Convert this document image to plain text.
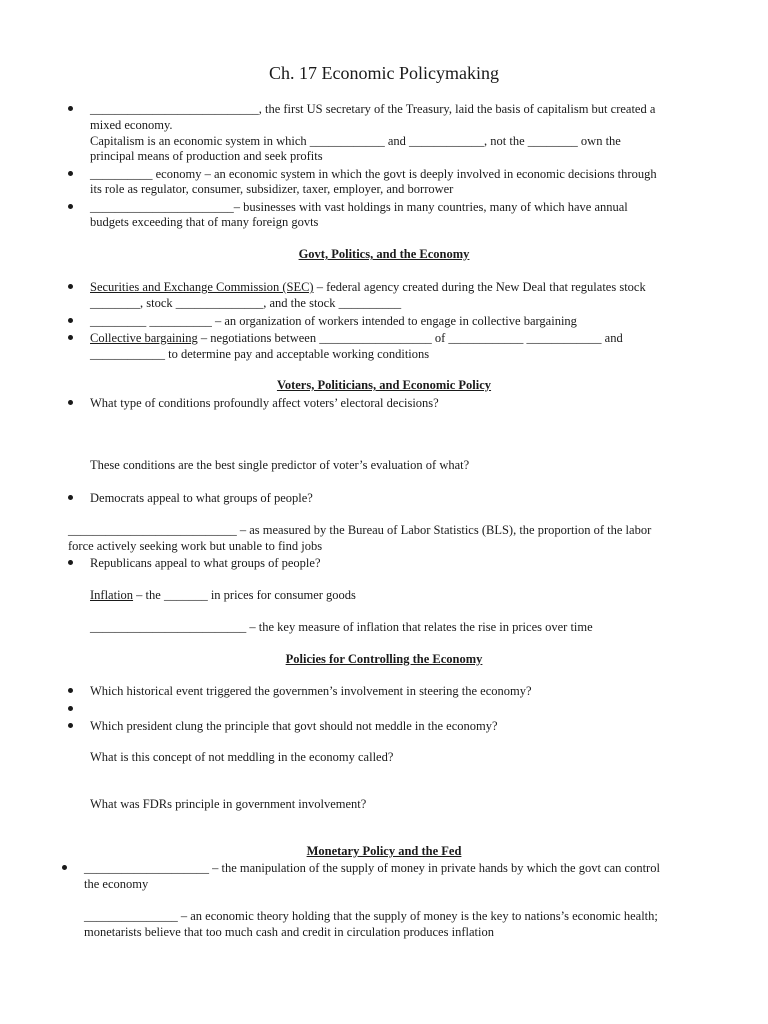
Ch. 17 Economic Policymaking
___________________________, the first US secretary of the Treasury, laid the basis of capitalism but created a
mixed economy.
Capitalism is an economic system in which ____________ and ____________, not the ________ own the
principal means of production and seek profits
__________ economy – an economic system in which the govt is deeply involved in economic decisions through
its role as regulator, consumer, subsidizer, taxer, employer, and borrower
_______________________– businesses with vast holdings in many countries, many of which have annual
budgets exceeding that of many foreign govts
Govt, Politics, and the Economy
Securities and Exchange Commission (SEC) – federal agency created during the New Deal that regulates stock
________, stock ______________, and the stock __________
_________ __________ – an organization of workers intended to engage in collective bargaining
Collective bargaining – negotiations between __________________ of ____________ ____________ and
____________ to determine pay and acceptable working conditions
Voters, Politicians, and Economic Policy
What type of conditions profoundly affect voters’ electoral decisions?
These conditions are the best single predictor of voter’s evaluation of what?
Democrats appeal to what groups of people?
___________________________ – as measured by the Bureau of Labor Statistics (BLS), the proportion of the labor
force actively seeking work but unable to find jobs
Republicans appeal to what groups of people?
Inflation – the _______ in prices for consumer goods
_________________________ – the key measure of inflation that relates the rise in prices over time
Policies for Controlling the Economy
Which historical event triggered the governmen’s involvement in steering the economy?
Which president clung the principle that govt should not meddle in the economy?
What is this concept of not meddling in the economy called?
What was FDRs principle in government involvement?
Monetary Policy and the Fed
____________________ – the manipulation of the supply of money in private hands by which the govt can control
the economy
_______________ – an economic theory holding that the supply of money is the key to nations’s economic health;
monetarists believe that too much cash and credit in circulation produces inflation
